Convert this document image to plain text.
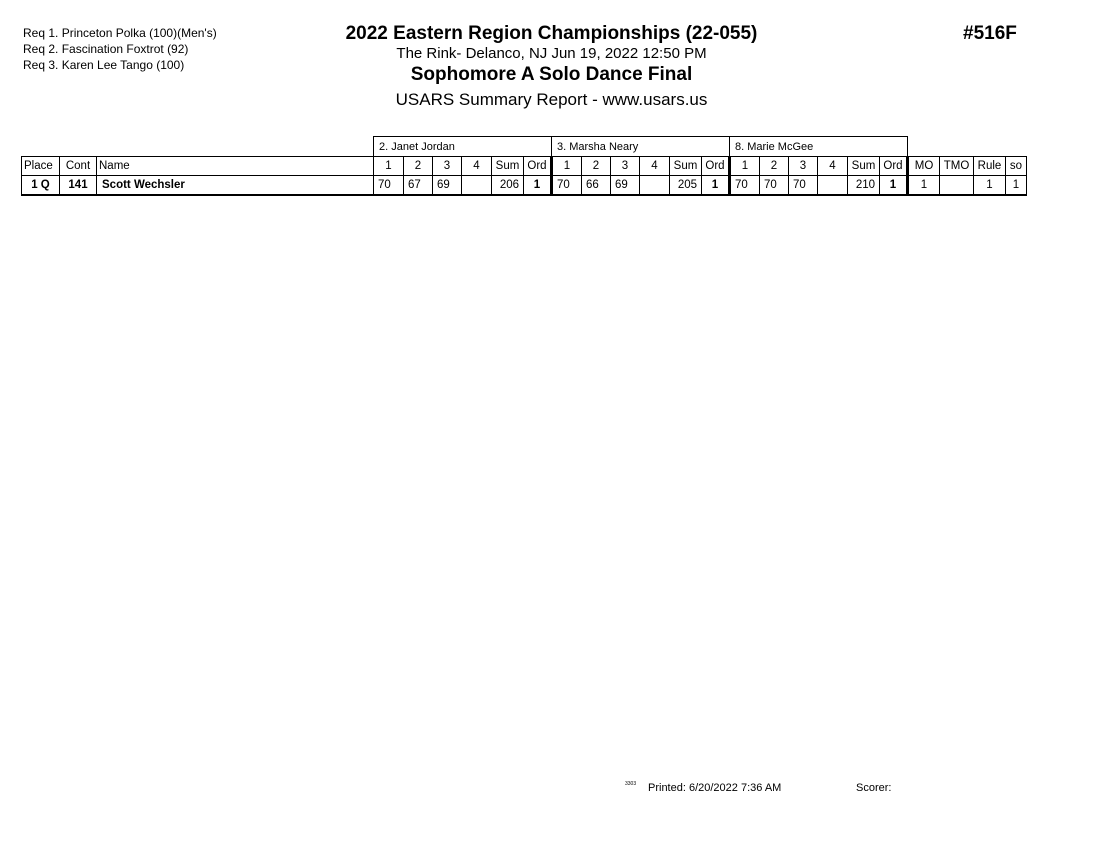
Req 1. Princeton Polka (100)(Men's)
Req 2. Fascination Foxtrot (92)
Req 3. Karen Lee Tango (100)
2022 Eastern Region Championships (22-055)
The Rink- Delanco, NJ Jun 19, 2022 12:50 PM
Sophomore A Solo Dance Final
USARS Summary Report - www.usars.us
#516F
			2. Janet Jordan						3. Marsha Neary						8. Marie McGee									
Place	Cont	Name	1	2	3	4	Sum	Ord	1	2	3	4	Sum	Ord	1	2	3	4	Sum	Ord	MO	TMO	Rule	so
1 Q	141	Scott Wechsler	70	67	69		206	1	70	66	69		205	1	70	70	70		210	1	1		1	1
3303 Printed: 6/20/2022 7:36 AM	Scorer:
